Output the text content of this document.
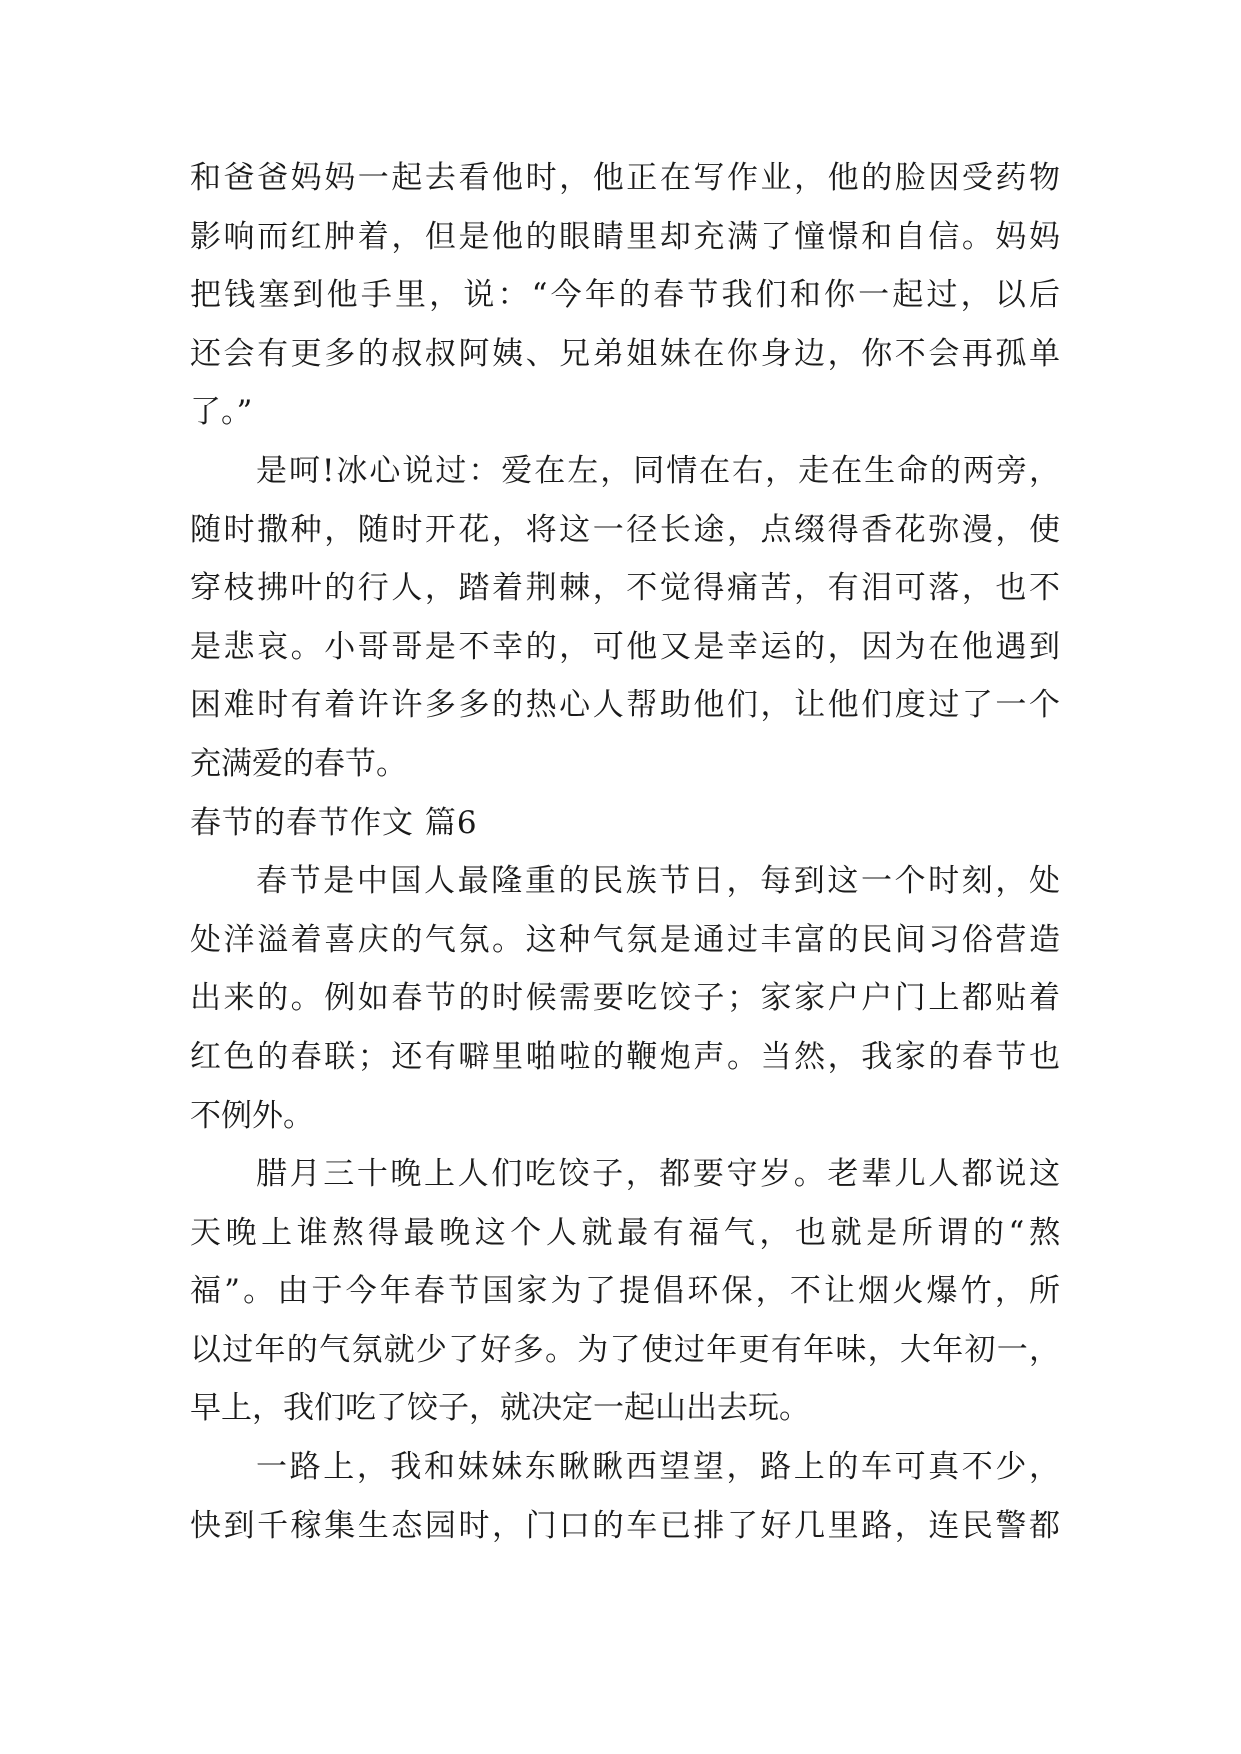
和爸爸妈妈一起去看他时，他正在写作业，他的脸因受药物
影响而红肿着，但是他的眼睛里却充满了憧憬和自信。妈妈
把钱塞到他手里，说：“今年的春节我们和你一起过，以后
还会有更多的叔叔阿姨、兄弟姐妹在你身边，你不会再孤单
了。”
是呵!冰心说过：爱在左，同情在右，走在生命的两旁，
随时撒种，随时开花，将这一径长途，点缀得香花弥漫，使
穿枝拂叶的行人，踏着荆棘，不觉得痛苦，有泪可落，也不
是悲哀。小哥哥是不幸的，可他又是幸运的，因为在他遇到
困难时有着许许多多的热心人帮助他们，让他们度过了一个
充满爱的春节。
春节的春节作文 篇6
春节是中国人最隆重的民族节日，每到这一个时刻，处
处洋溢着喜庆的气氛。这种气氛是通过丰富的民间习俗营造
出来的。例如春节的时候需要吃饺子；家家户户门上都贴着
红色的春联；还有噼里啪啦的鞭炮声。当然，我家的春节也
不例外。
腊月三十晚上人们吃饺子，都要守岁。老辈儿人都说这
天晚上谁熬得最晚这个人就最有福气，也就是所谓的“熬
福”。由于今年春节国家为了提倡环保，不让烟火爆竹，所
以过年的气氛就少了好多。为了使过年更有年味，大年初一，
早上，我们吃了饺子，就决定一起山出去玩。
一路上，我和妹妹东瞅瞅西望望，路上的车可真不少，
快到千稼集生态园时，门口的车已排了好几里路，连民警都
